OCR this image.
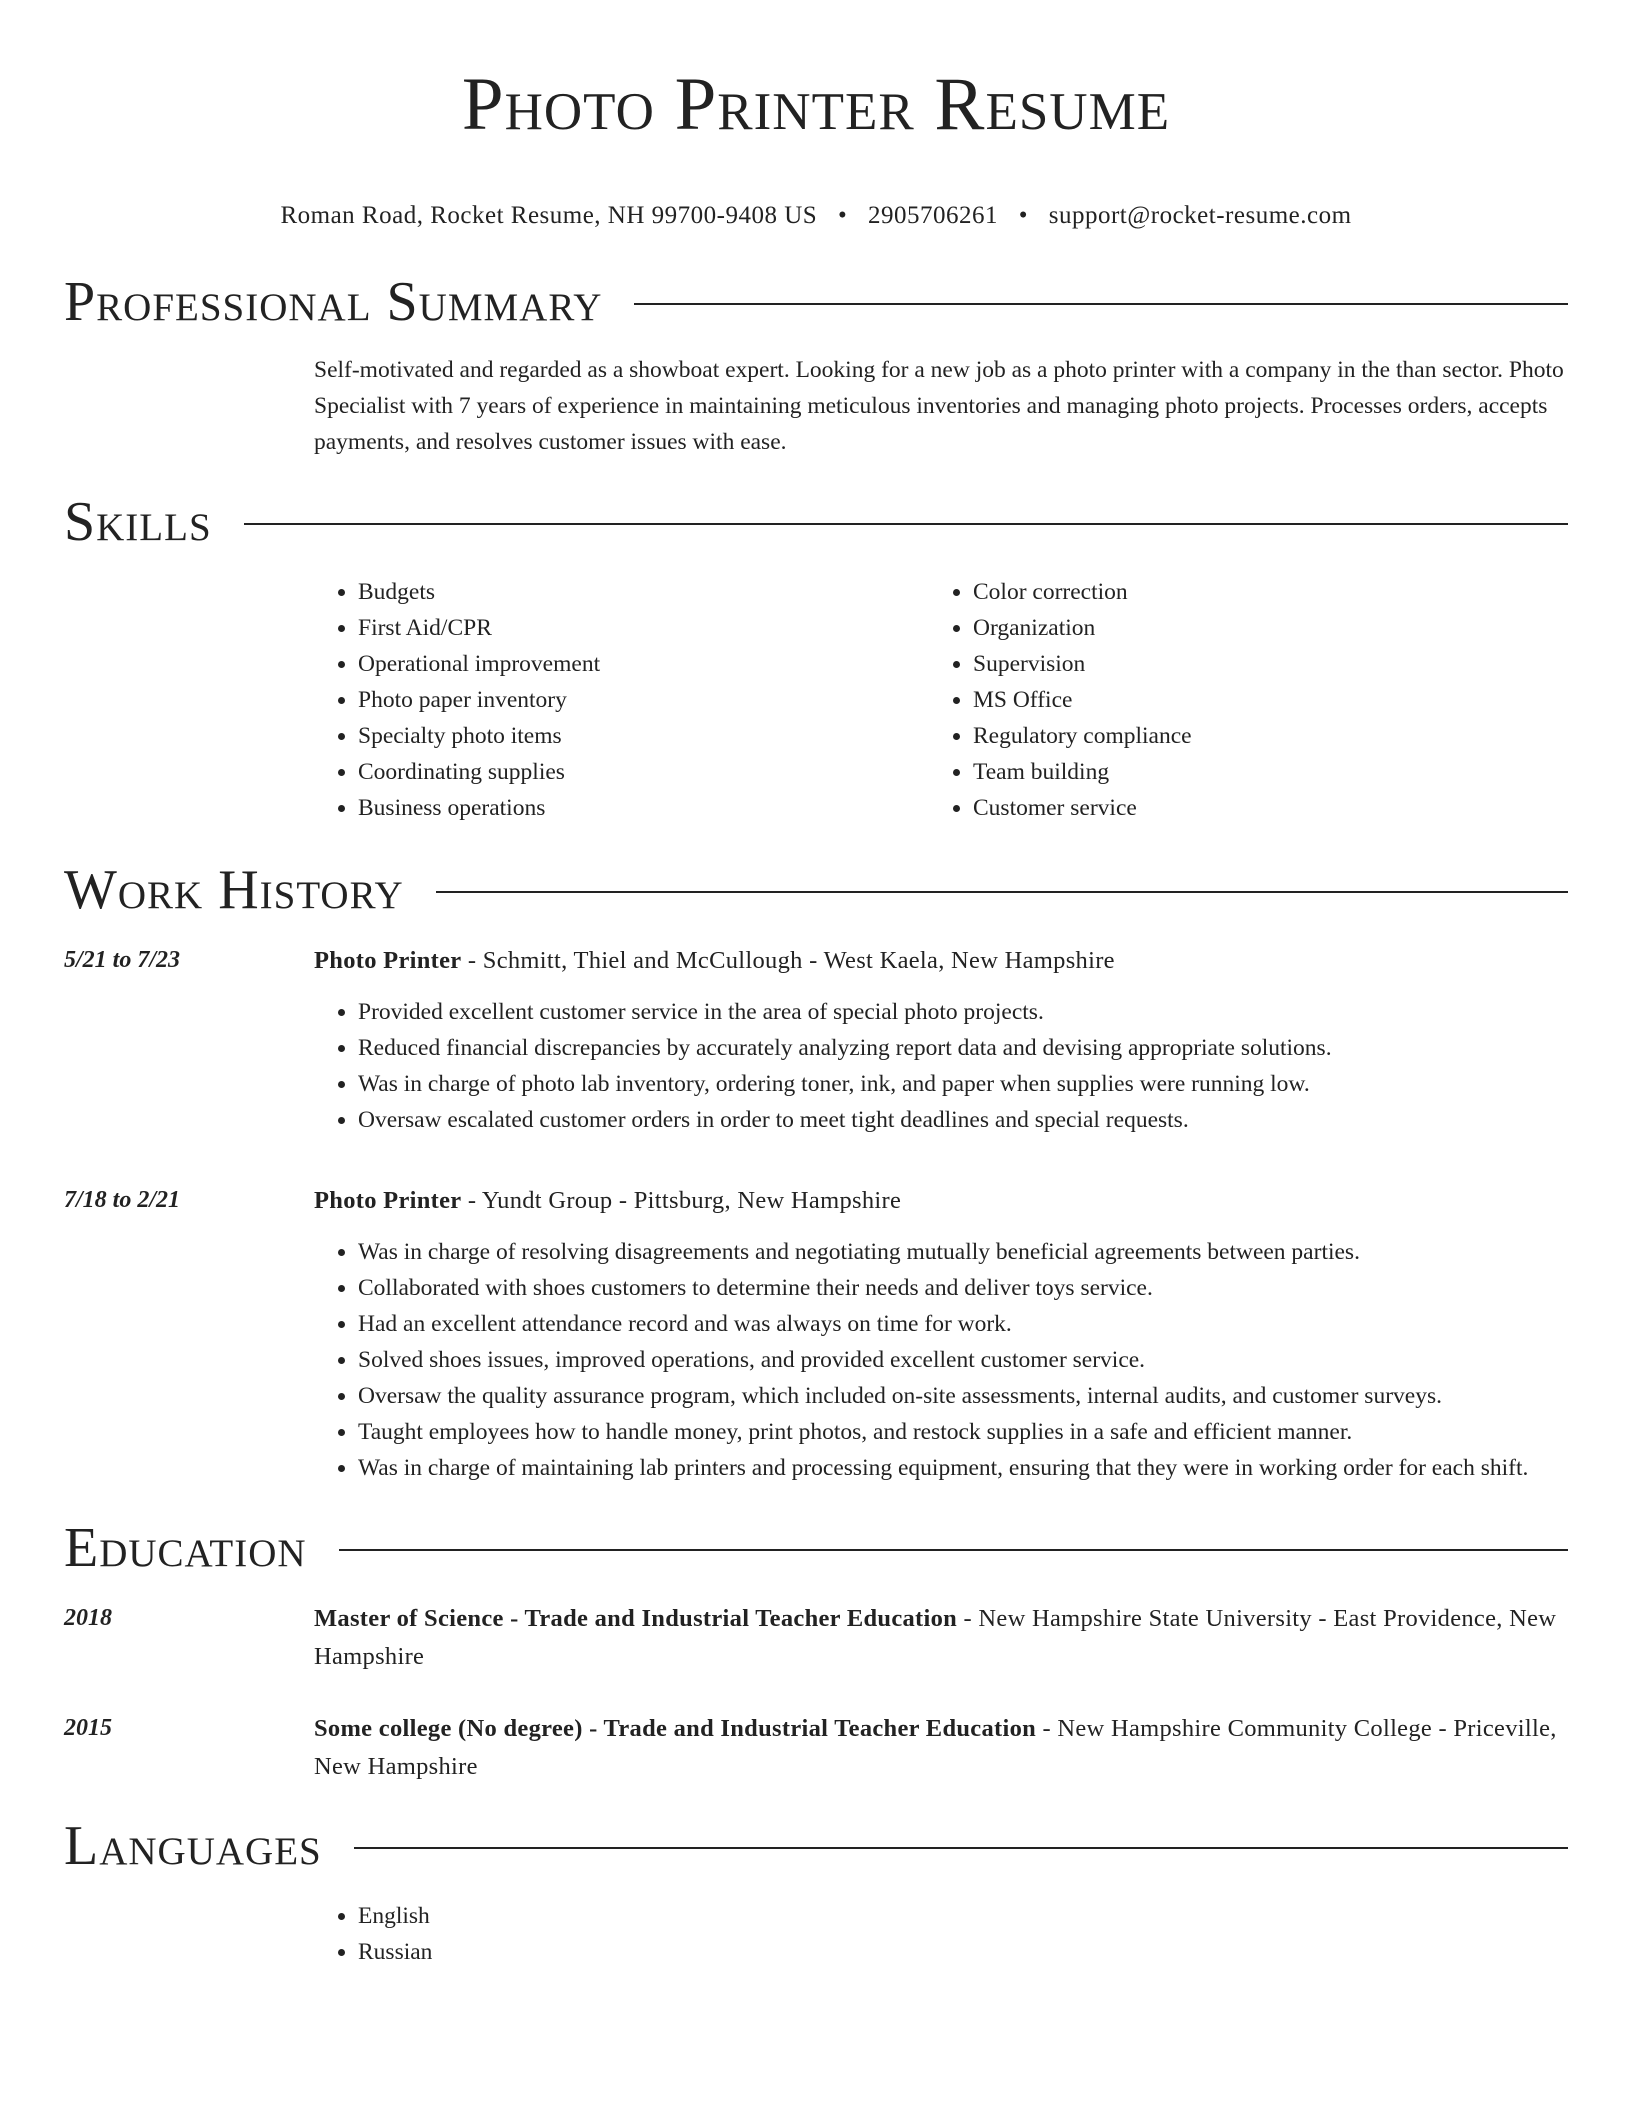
Photo Printer Resume
Roman Road, Rocket Resume, NH 99700-9408 US • 2905706261 • support@rocket-resume.com
Professional Summary

Self-motivated and regarded as a showboat expert. Looking for a new job as a photo printer with a company in the than sector. Photo Specialist with 7 years of experience in maintaining meticulous inventories and managing photo projects. Processes orders, accepts payments, and resolves customer issues with ease.

Skills
• Budgets
• First Aid/CPR
• Operational improvement
• Photo paper inventory
• Specialty photo items
• Coordinating supplies
• Business operations
• Color correction
• Organization
• Supervision
• MS Office
• Regulatory compliance
• Team building
• Customer service
Work History
5/21 to 7/23	Photo Printer - Schmitt, Thiel and McCullough - West Kaela, New Hampshire
• Provided excellent customer service in the area of special photo projects.
• Reduced financial discrepancies by accurately analyzing report data and devising appropriate solutions.
• Was in charge of photo lab inventory, ordering toner, ink, and paper when supplies were running low.
• Oversaw escalated customer orders in order to meet tight deadlines and special requests.
7/18 to 2/21	Photo Printer - Yundt Group - Pittsburg, New Hampshire
• Was in charge of resolving disagreements and negotiating mutually beneficial agreements between parties.
• Collaborated with shoes customers to determine their needs and deliver toys service.
• Had an excellent attendance record and was always on time for work.
• Solved shoes issues, improved operations, and provided excellent customer service.
• Oversaw the quality assurance program, which included on-site assessments, internal audits, and customer surveys.
• Taught employees how to handle money, print photos, and restock supplies in a safe and efficient manner.
• Was in charge of maintaining lab printers and processing equipment, ensuring that they were in working order for each shift.
Education
2018	Master of Science - Trade and Industrial Teacher Education - New Hampshire State University - East Providence, New Hampshire
2015	Some college (No degree) - Trade and Industrial Teacher Education - New Hampshire Community College - Priceville, New Hampshire
Languages
• English
• Russian
